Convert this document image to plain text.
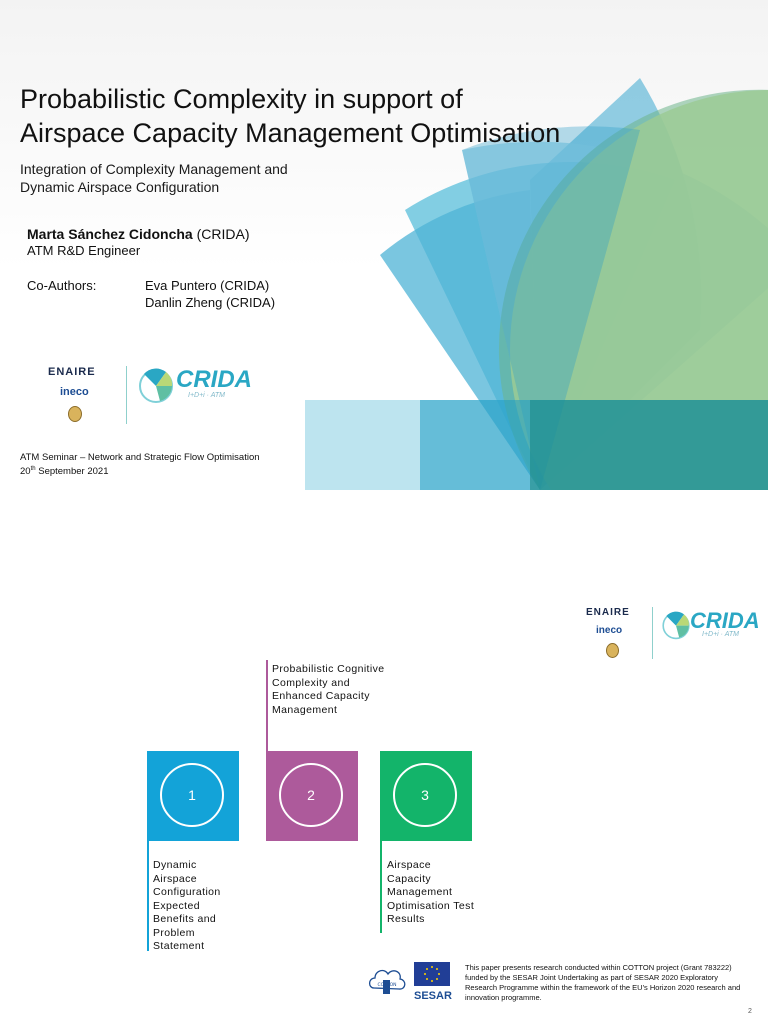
Probabilistic Complexity in support of
Airspace Capacity Management Optimisation
Integration of Complexity Management and
Dynamic Airspace Configuration
Marta Sánchez Cidoncha (CRIDA)
ATM R&D Engineer
Co-Authors:	Eva Puntero (CRIDA)
Danlin Zheng (CRIDA)
ENAIRE
ineco	CRIDA
I+D+i · ATM
ATM Seminar – Network and Strategic Flow Optimisation
20th September 2021
ENAIRE
ineco	CRIDA
I+D+i · ATM
1	2	3
Dynamic Airspace Configuration Expected Benefits and Problem Statement
Probabilistic Cognitive Complexity and Enhanced Capacity Management
Airspace Capacity Management Optimisation Test Results
COTTON
SESAR
This paper presents research conducted within COTTON project (Grant 783222) funded by the SESAR Joint Undertaking as part of SESAR 2020 Exploratory Research Programme within the framework of the EU's Horizon 2020 research and innovation programme.
2
